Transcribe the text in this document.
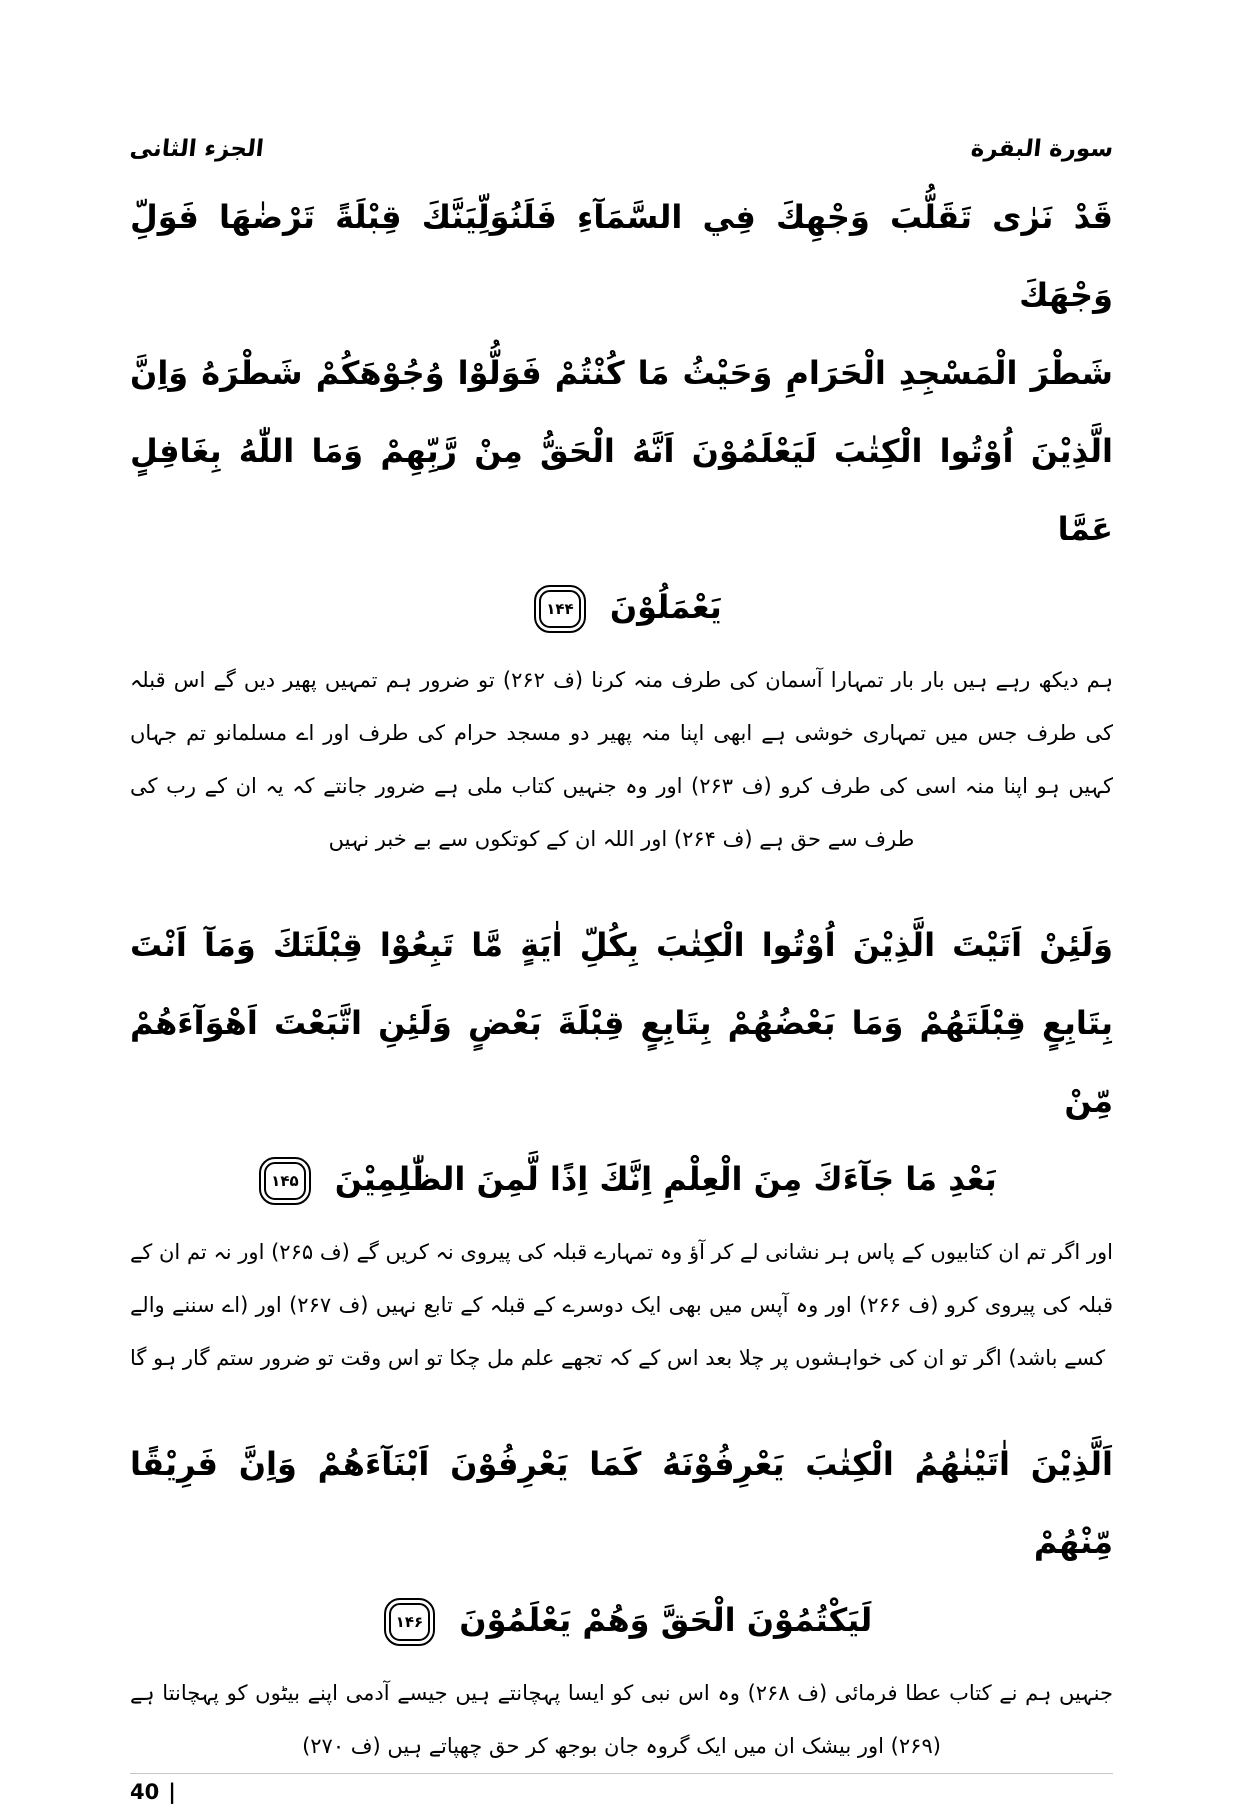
الجزء الثانی	سورة البقرة
قَدْ نَرٰى تَقَلُّبَ وَجْهِكَ فِي السَّمَآءِ فَلَنُوَلِّيَنَّكَ قِبْلَةً تَرْضٰهَا فَوَلِّ وَجْهَكَ
شَطْرَ الْمَسْجِدِ الْحَرَامِ وَحَيْثُ مَا كُنْتُمْ فَوَلُّوْا وُجُوْهَكُمْ شَطْرَهُ وَاِنَّ
الَّذِيْنَ اُوْتُوا الْكِتٰبَ لَيَعْلَمُوْنَ اَنَّهُ الْحَقُّ مِنْ رَّبِّهِمْ وَمَا اللّٰهُ بِغَافِلٍ عَمَّا
يَعْمَلُوْنَ ۱۴۴

ہم دیکھ رہے ہیں بار بار تمہارا آسمان کی طرف منہ کرنا (ف ۲۶۲) تو ضرور ہم تمہیں پھیر دیں گے اس قبلہ کی طرف جس میں تمہاری خوشی ہے ابھی اپنا منہ پھیر دو مسجد حرام کی طرف اور اے مسلمانو تم جہاں کہیں ہو اپنا منہ اسی کی طرف کرو (ف ۲۶۳) اور وہ جنہیں کتاب ملی ہے ضرور جانتے کہ یہ ان کے رب کی طرف سے حق ہے (ف ۲۶۴) اور اللہ ان کے کوتکوں سے بے خبر نہیں

وَلَئِنْ اَتَيْتَ الَّذِيْنَ اُوْتُوا الْكِتٰبَ بِكُلِّ اٰيَةٍ مَّا تَبِعُوْا قِبْلَتَكَ وَمَآ اَنْتَ
بِتَابِعٍ قِبْلَتَهُمْ وَمَا بَعْضُهُمْ بِتَابِعٍ قِبْلَةَ بَعْضٍ وَلَئِنِ اتَّبَعْتَ اَهْوَآءَهُمْ مِّنْ
بَعْدِ مَا جَآءَكَ مِنَ الْعِلْمِ اِنَّكَ اِذًا لَّمِنَ الظّٰلِمِيْنَ ۱۴۵

اور اگر تم ان کتابیوں کے پاس ہر نشانی لے کر آؤ وہ تمہارے قبلہ کی پیروی نہ کریں گے (ف ۲۶۵) اور نہ تم ان کے قبلہ کی پیروی کرو (ف ۲۶۶) اور وہ آپس میں بھی ایک دوسرے کے قبلہ کے تابع نہیں (ف ۲۶۷) اور (اے سننے والے کسے باشد) اگر تو ان کی خواہشوں پر چلا بعد اس کے کہ تجھے علم مل چکا تو اس وقت تو ضرور ستم گار ہو گا

اَلَّذِيْنَ اٰتَيْنٰهُمُ الْكِتٰبَ يَعْرِفُوْنَهُ كَمَا يَعْرِفُوْنَ اَبْنَآءَهُمْ وَاِنَّ فَرِيْقًا مِّنْهُمْ
لَيَكْتُمُوْنَ الْحَقَّ وَهُمْ يَعْلَمُوْنَ ۱۴۶

جنہیں ہم نے کتاب عطا فرمائی (ف ۲۶۸) وہ اس نبی کو ایسا پہچانتے ہیں جیسے آدمی اپنے بیٹوں کو پہچانتا ہے (۲۶۹) اور بیشک ان میں ایک گروہ جان بوجھ کر حق چھپاتے ہیں (ف ۲۷۰)

40 |
